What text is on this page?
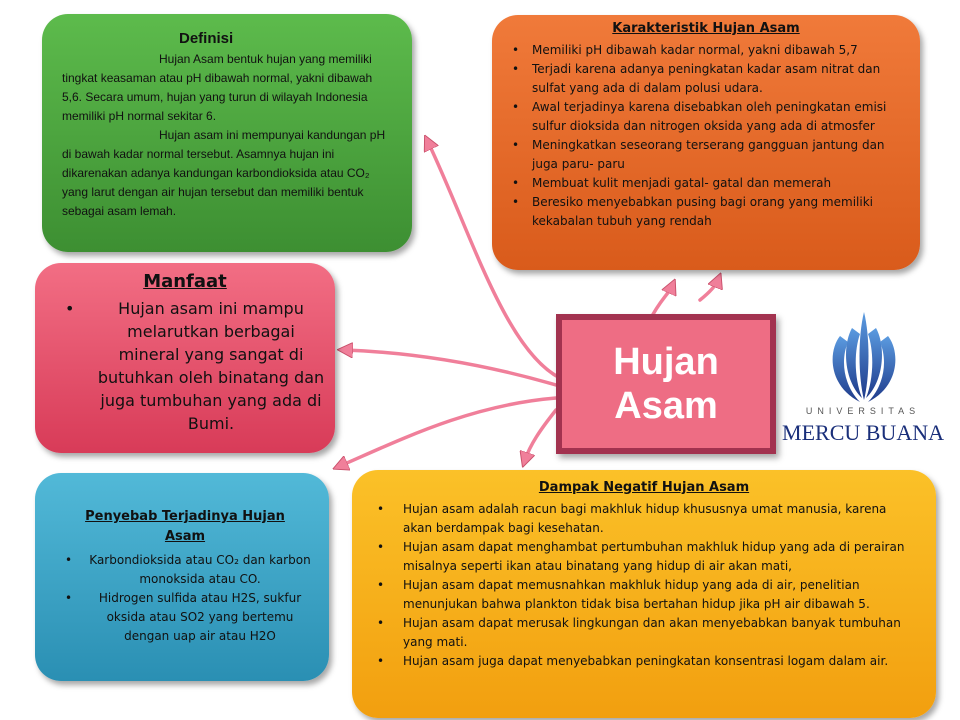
Definisi

Hujan Asam bentuk hujan yang memiliki tingkat keasaman atau pH dibawah normal, yakni dibawah 5,6. Secara umum, hujan yang turun di wilayah Indonesia memiliki pH normal sekitar 6.

Hujan asam ini mempunyai kandungan pH di bawah kadar normal tersebut. Asamnya hujan ini dikarenakan adanya kandungan karbondioksida atau CO₂ yang larut dengan air hujan tersebut dan memiliki bentuk sebagai asam lemah.

Karakteristik Hujan Asam
• Memiliki pH dibawah kadar normal, yakni dibawah 5,7
• Terjadi karena adanya peningkatan kadar asam nitrat dan sulfat yang ada di dalam polusi udara.
• Awal terjadinya karena disebabkan oleh peningkatan emisi sulfur dioksida dan nitrogen oksida yang ada di atmosfer
• Meningkatkan seseorang terserang gangguan jantung dan juga paru- paru
• Membuat kulit menjadi gatal- gatal dan memerah
• Beresiko menyebabkan pusing bagi orang yang memiliki kekabalan tubuh yang rendah
Manfaat
• Hujan asam ini mampu melarutkan berbagai mineral yang sangat di butuhkan oleh binatang dan juga tumbuhan yang ada di Bumi.
Hujan
Asam
Penyebab Terjadinya Hujan Asam
• Karbondioksida atau CO₂ dan karbon monoksida atau CO.
• Hidrogen sulfida atau H2S, sukfur oksida atau SO2 yang bertemu dengan uap air atau H2O
Dampak Negatif Hujan Asam
• Hujan asam adalah racun bagi makhluk hidup khususnya umat manusia, karena akan berdampak bagi kesehatan.
• Hujan asam dapat menghambat pertumbuhan makhluk hidup yang ada di perairan misalnya seperti ikan atau binatang yang hidup di air akan mati,
• Hujan asam dapat memusnahkan makhluk hidup yang ada di air, penelitian menunjukan bahwa plankton tidak bisa bertahan hidup jika pH air dibawah 5.
• Hujan asam dapat merusak lingkungan dan akan menyebabkan banyak tumbuhan yang mati.
• Hujan asam juga dapat menyebabkan peningkatan konsentrasi logam dalam air.
UNIVERSITAS
MERCU BUANA
